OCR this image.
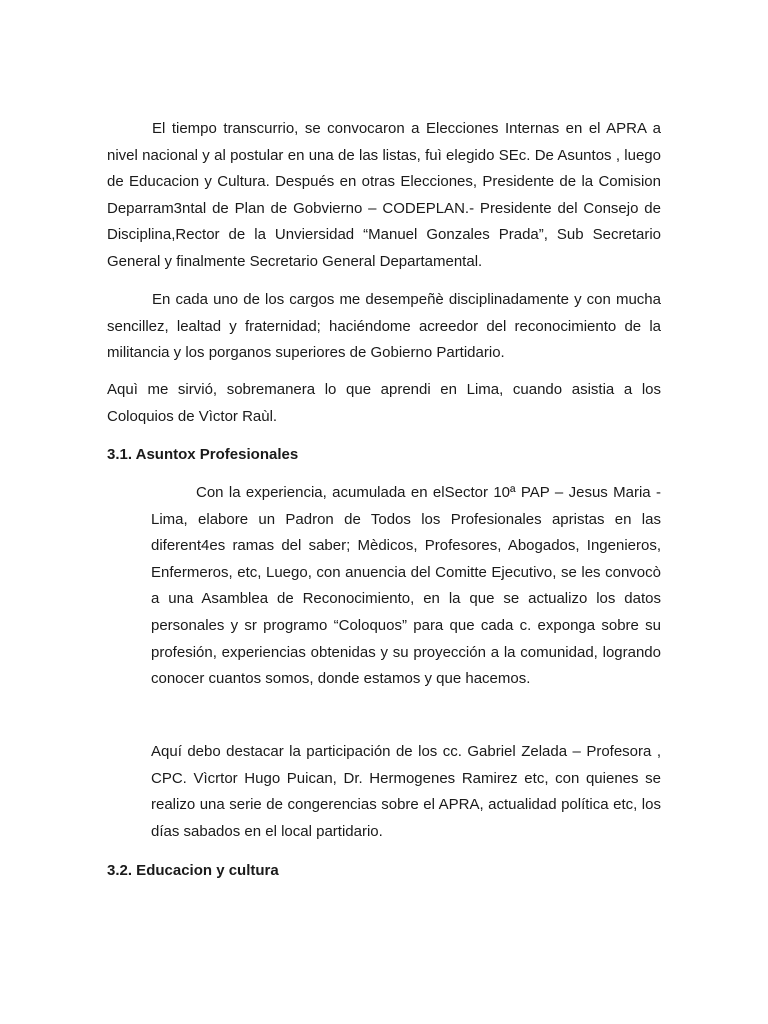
El tiempo transcurrio, se convocaron a Elecciones Internas en el APRA a nivel nacional y al postular en una de las listas, fuì elegido SEc. De Asuntos , luego de Educacion y Cultura. Después en otras Elecciones, Presidente de la Comision Deparram3ntal de Plan de Gobvierno – CODEPLAN.- Presidente del Consejo de Disciplina,Rector de la Unviersidad “Manuel Gonzales Prada”, Sub Secretario General y finalmente Secretario General Departamental.

En cada uno de los cargos me desempeñè disciplinadamente y con mucha sencillez, lealtad y fraternidad; haciéndome acreedor del reconocimiento de la militancia y los porganos superiores de Gobierno Partidario.

Aquì me sirvió, sobremanera lo que aprendi en Lima, cuando asistia a los Coloquios de Vìctor Raùl.

3.1. Asuntox Profesionales

Con la experiencia, acumulada en elSector 10ª PAP – Jesus Maria - Lima, elabore un Padron de Todos los Profesionales apristas en las diferent4es ramas del saber; Mèdicos, Profesores, Abogados, Ingenieros, Enfermeros, etc, Luego, con anuencia del Comitte Ejecutivo, se les convocò a una Asamblea de Reconocimiento, en la que se actualizo los datos personales y sr programo “Coloquos” para que cada c. exponga sobre su profesión, experiencias obtenidas y su proyección a la comunidad, logrando conocer cuantos somos, donde estamos y que hacemos.

Aquí debo destacar la participación de los cc. Gabriel Zelada – Profesora , CPC. Vìcrtor Hugo Puican, Dr. Hermogenes Ramirez etc, con quienes se realizo una serie de congerencias sobre el APRA, actualidad política etc, los días sabados en el local partidario.

3.2. Educacion y cultura
